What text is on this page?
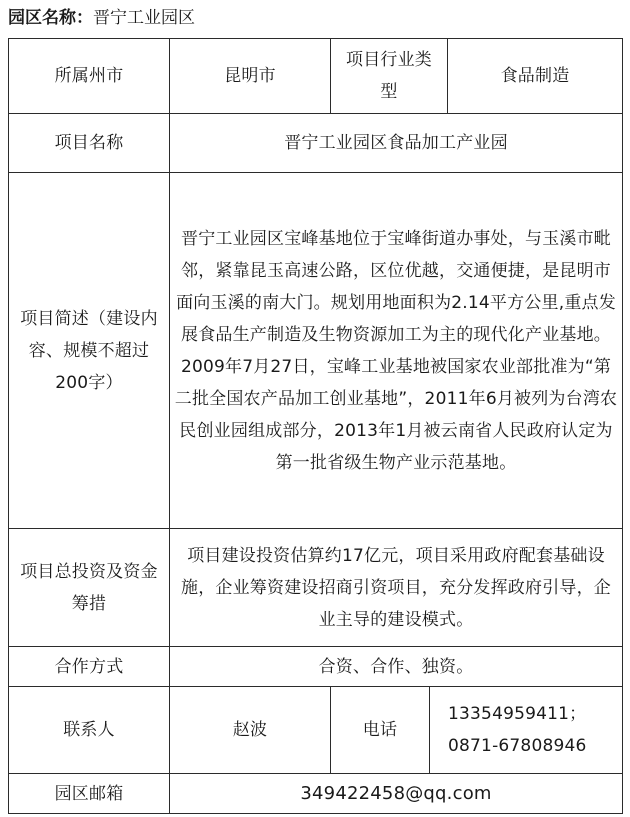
园区名称：晋宁工业园区
所属州市	昆明市	项目行业类型		食品制造
项目名称	晋宁工业园区食品加工产业园			
项目简述（建设内容、规模不超过200字）	晋宁工业园区宝峰基地位于宝峰街道办事处，与玉溪市毗邻，紧靠昆玉高速公路，区位优越，交通便捷，是昆明市面向玉溪的南大门。规划用地面积为2.14平方公里,重点发展食品生产制造及生物资源加工为主的现代化产业基地。2009年7月27日，宝峰工业基地被国家农业部批准为“第二批全国农产品加工创业基地”，2011年6月被列为台湾农民创业园组成部分，2013年1月被云南省人民政府认定为第一批省级生物产业示范基地。			
项目总投资及资金筹措	项目建设投资估算约17亿元，项目采用政府配套基础设施，企业筹资建设招商引资项目，充分发挥政府引导，企业主导的建设模式。			
合作方式	合资、合作、独资。			
联系人	赵波	电话	13354959411；
0871-67808946	

园区邮箱	349422458@qq.com			
